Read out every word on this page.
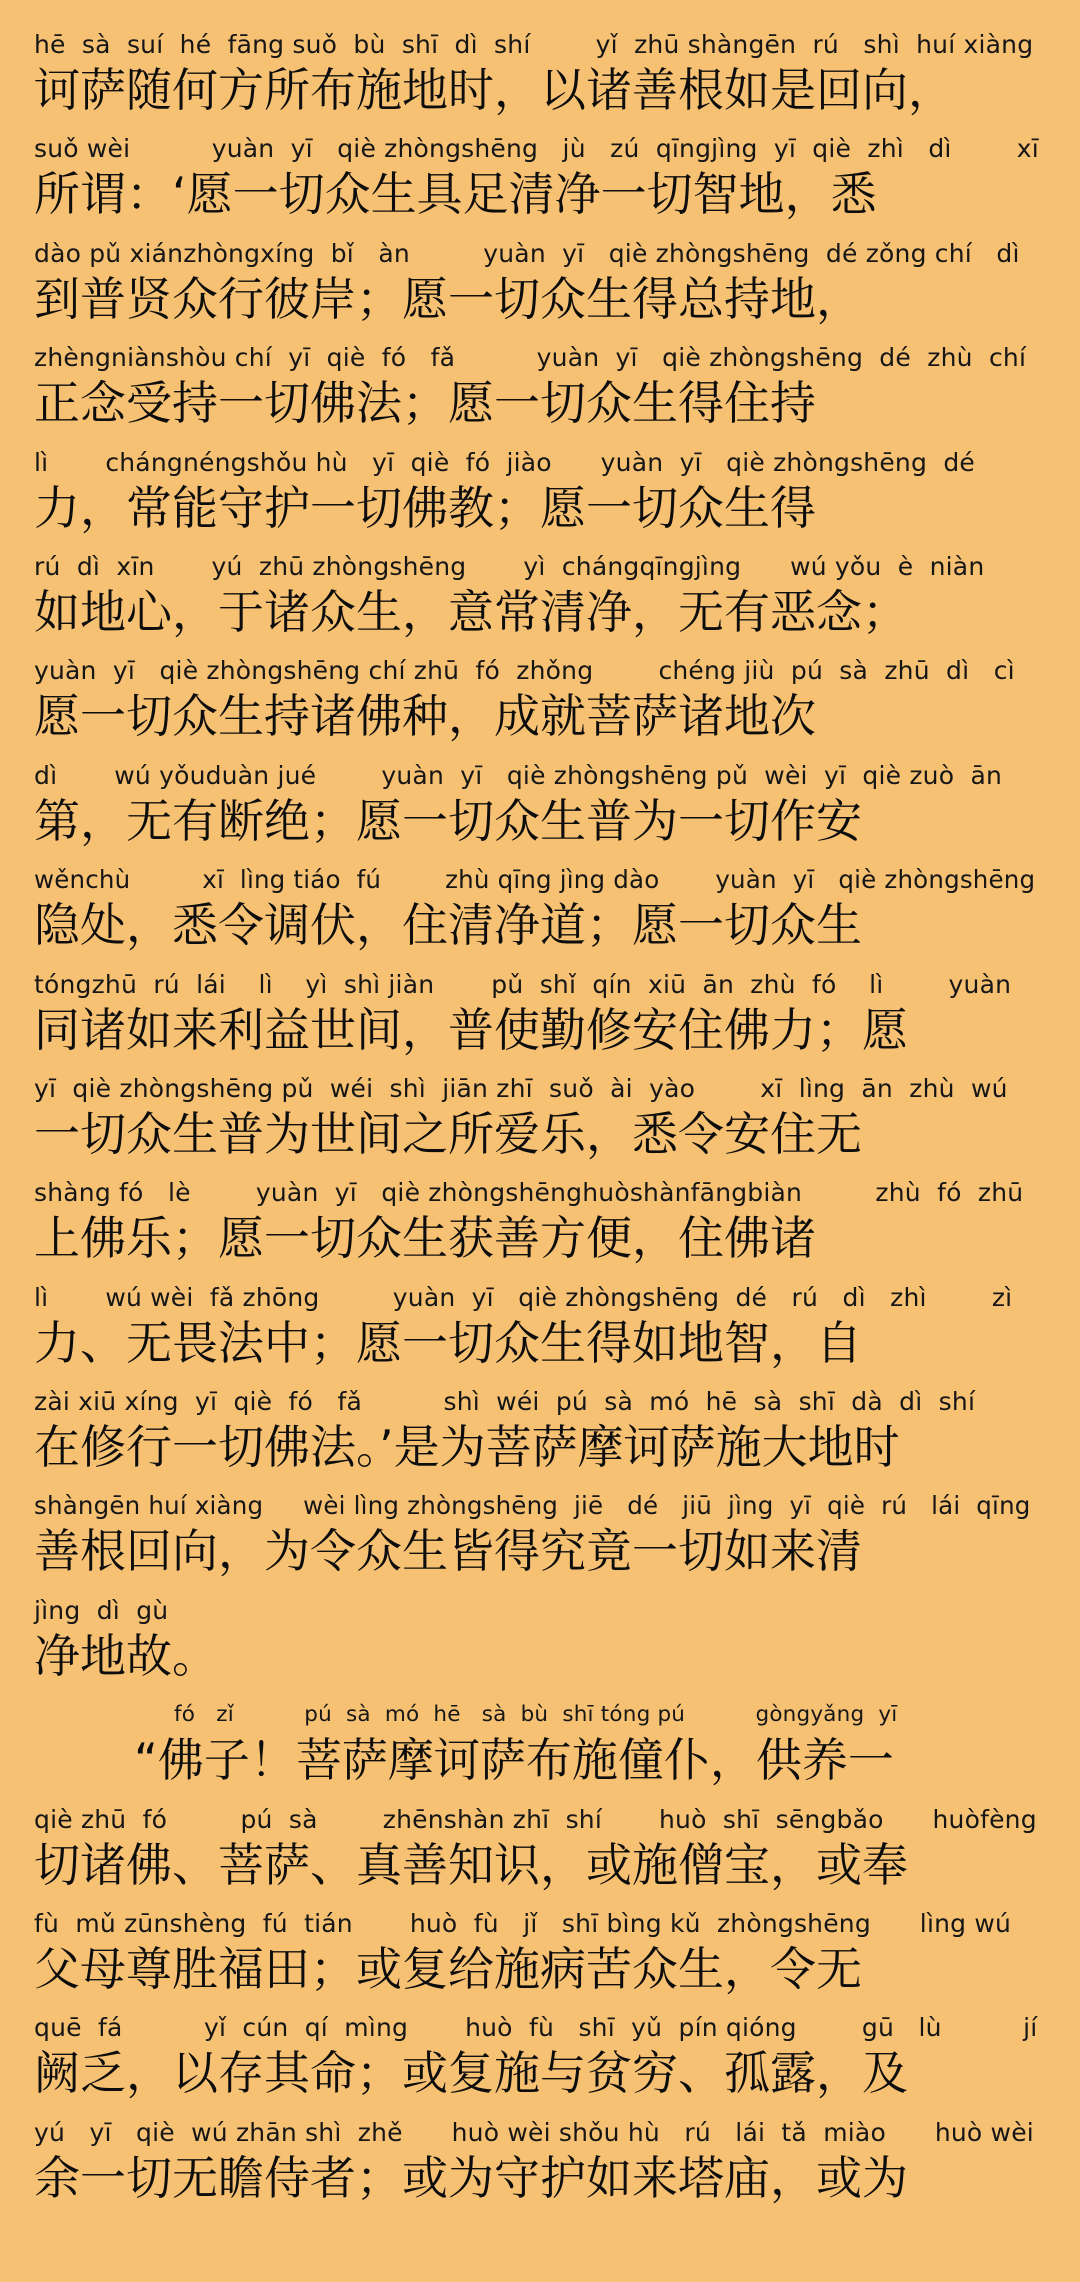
hē  sà  suí  hé  fāng suǒ  bù  shī  dì  shí        yǐ  zhū shàngēn  rú   shì  huí xiàng
诃萨随何方所布施地时，以诸善根如是回向，
suǒ wèi          yuàn  yī   qiè zhòngshēng   jù   zú  qīngjìng  yī  qiè  zhì   dì        xī
所谓：‘愿一切众生具足清净一切智地，悉
dào pǔ xiánzhòngxíng  bǐ   àn         yuàn  yī   qiè zhòngshēng  dé zǒng chí   dì
到普贤众行彼岸；愿一切众生得总持地，
zhèngniànshòu chí  yī  qiè  fó   fǎ          yuàn  yī   qiè zhòngshēng  dé  zhù  chí
正念受持一切佛法；愿一切众生得住持
lì       chángnéngshǒu hù   yī  qiè  fó  jiào      yuàn  yī   qiè zhòngshēng  dé
力，常能守护一切佛教；愿一切众生得
rú  dì  xīn       yú  zhū zhòngshēng       yì  chángqīngjìng      wú yǒu  è  niàn
如地心，于诸众生，意常清净，无有恶念；
yuàn  yī   qiè zhòngshēng chí zhū  fó  zhǒng        chéng jiù  pú  sà  zhū  dì   cì
愿一切众生持诸佛种，成就菩萨诸地次
dì       wú yǒuduàn jué        yuàn  yī   qiè zhòngshēng pǔ  wèi  yī  qiè zuò  ān
第，无有断绝；愿一切众生普为一切作安
wěnchù         xī  lìng tiáo  fú        zhù qīng jìng dào       yuàn  yī   qiè zhòngshēng
隐处，悉令调伏，住清净道；愿一切众生
tóngzhū  rú  lái    lì    yì  shì jiàn       pǔ  shǐ  qín  xiū  ān  zhù  fó    lì        yuàn
同诸如来利益世间，普使勤修安住佛力；愿
yī  qiè zhòngshēng pǔ  wéi  shì  jiān zhī  suǒ  ài  yào        xī  lìng  ān  zhù  wú
一切众生普为世间之所爱乐，悉令安住无
shàng fó   lè        yuàn  yī   qiè zhòngshēnghuòshànfāngbiàn         zhù  fó  zhū
上佛乐；愿一切众生获善方便，住佛诸
lì       wú wèi  fǎ zhōng         yuàn  yī   qiè zhòngshēng  dé   rú   dì   zhì        zì
力、无畏法中；愿一切众生得如地智，自
zài xiū xíng  yī  qiè  fó   fǎ          shì  wéi  pú  sà  mó  hē  sà  shī  dà  dì  shí
在修行一切佛法。’是为菩萨摩诃萨施大地时
shàngēn huí xiàng     wèi lìng zhòngshēng  jiē   dé   jiū  jìng  yī  qiè  rú   lái  qīng
善根回向，为令众生皆得究竟一切如来清
jìng  dì  gù
净地故。
fó   zǐ          pú  sà  mó  hē   sà  bù  shī tóng pú          gòngyǎng  yī
“佛子！菩萨摩诃萨布施僮仆，供养一
qiè zhū  fó         pú  sà        zhēnshàn zhī  shí       huò  shī  sēngbǎo      huòfèng
切诸佛、菩萨、真善知识，或施僧宝，或奉
fù  mǔ zūnshèng  fú  tián       huò  fù   jǐ   shī bìng kǔ  zhòngshēng      lìng wú
父母尊胜福田；或复给施病苦众生，令无
quē  fá          yǐ  cún  qí  mìng       huò  fù   shī  yǔ  pín qióng        gū   lù          jí
阙乏，以存其命；或复施与贫穷、孤露，及
yú   yī   qiè  wú zhān shì  zhě      huò wèi shǒu hù   rú   lái  tǎ  miào      huò wèi
余一切无瞻侍者；或为守护如来塔庙，或为
